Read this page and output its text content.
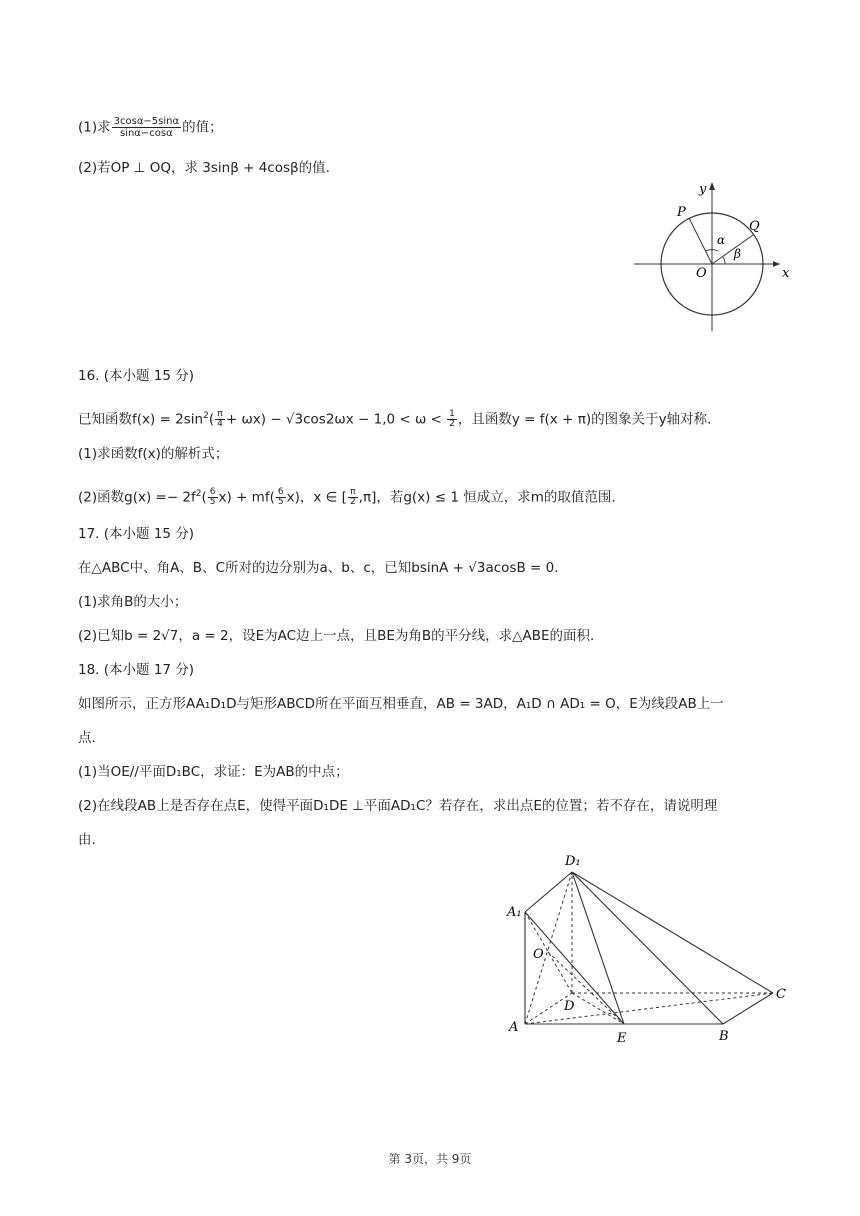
(1)求 $\frac{3\cos\alpha-5\sin\alpha}{\sin\alpha-\cos\alpha}$ 的值；
(2)若OP ⊥ OQ，求 3sinβ + 4cosβ的值.
y
P
Q
α
β
O	x
16. (本小题 15 分)
已知函数$f(x) = 2\sin^2( \frac{\pi}{4} + \omega x) - √3\cos 2\omega x - 1,0 < \omega < \frac{1}{2}$ ，且函数y = f(x + π)的图象关于y轴对称.
(1)求函数f(x)的解析式；
(2)函数$g(x) =- 2f^2( \frac{6}{5} x) + mf( \frac{6}{5} x)$，x ∈ [ $\frac{\pi}{2} ,\pi$]，若g(x) ≤ 1 恒成立，求m的取值范围.
17. (本小题 15 分)
在△ABC中、角A、B、C所对的边分别为a、b、c，已知bsinA + √3acosB = 0.
(1)求角B的大小；
(2)已知b = 2√7，a = 2，设E为AC边上一点，且BE为角B的平分线，求△ABE的面积.
18. (本小题 17 分)
如图所示，正方形AA₁D₁D与矩形ABCD所在平面互相垂直，AB = 3AD，A₁D ∩ AD₁ = O，E为线段AB上一
点.
(1)当OE//平面D₁BC，求证：E为AB的中点；
(2)在线段AB上是否存在点E，使得平面D₁DE ⊥平面AD₁C？若存在，求出点E的位置；若不存在，请说明理
由.
D₁
A₁
O
D
C
A
E	B
第 3页，共 9页
